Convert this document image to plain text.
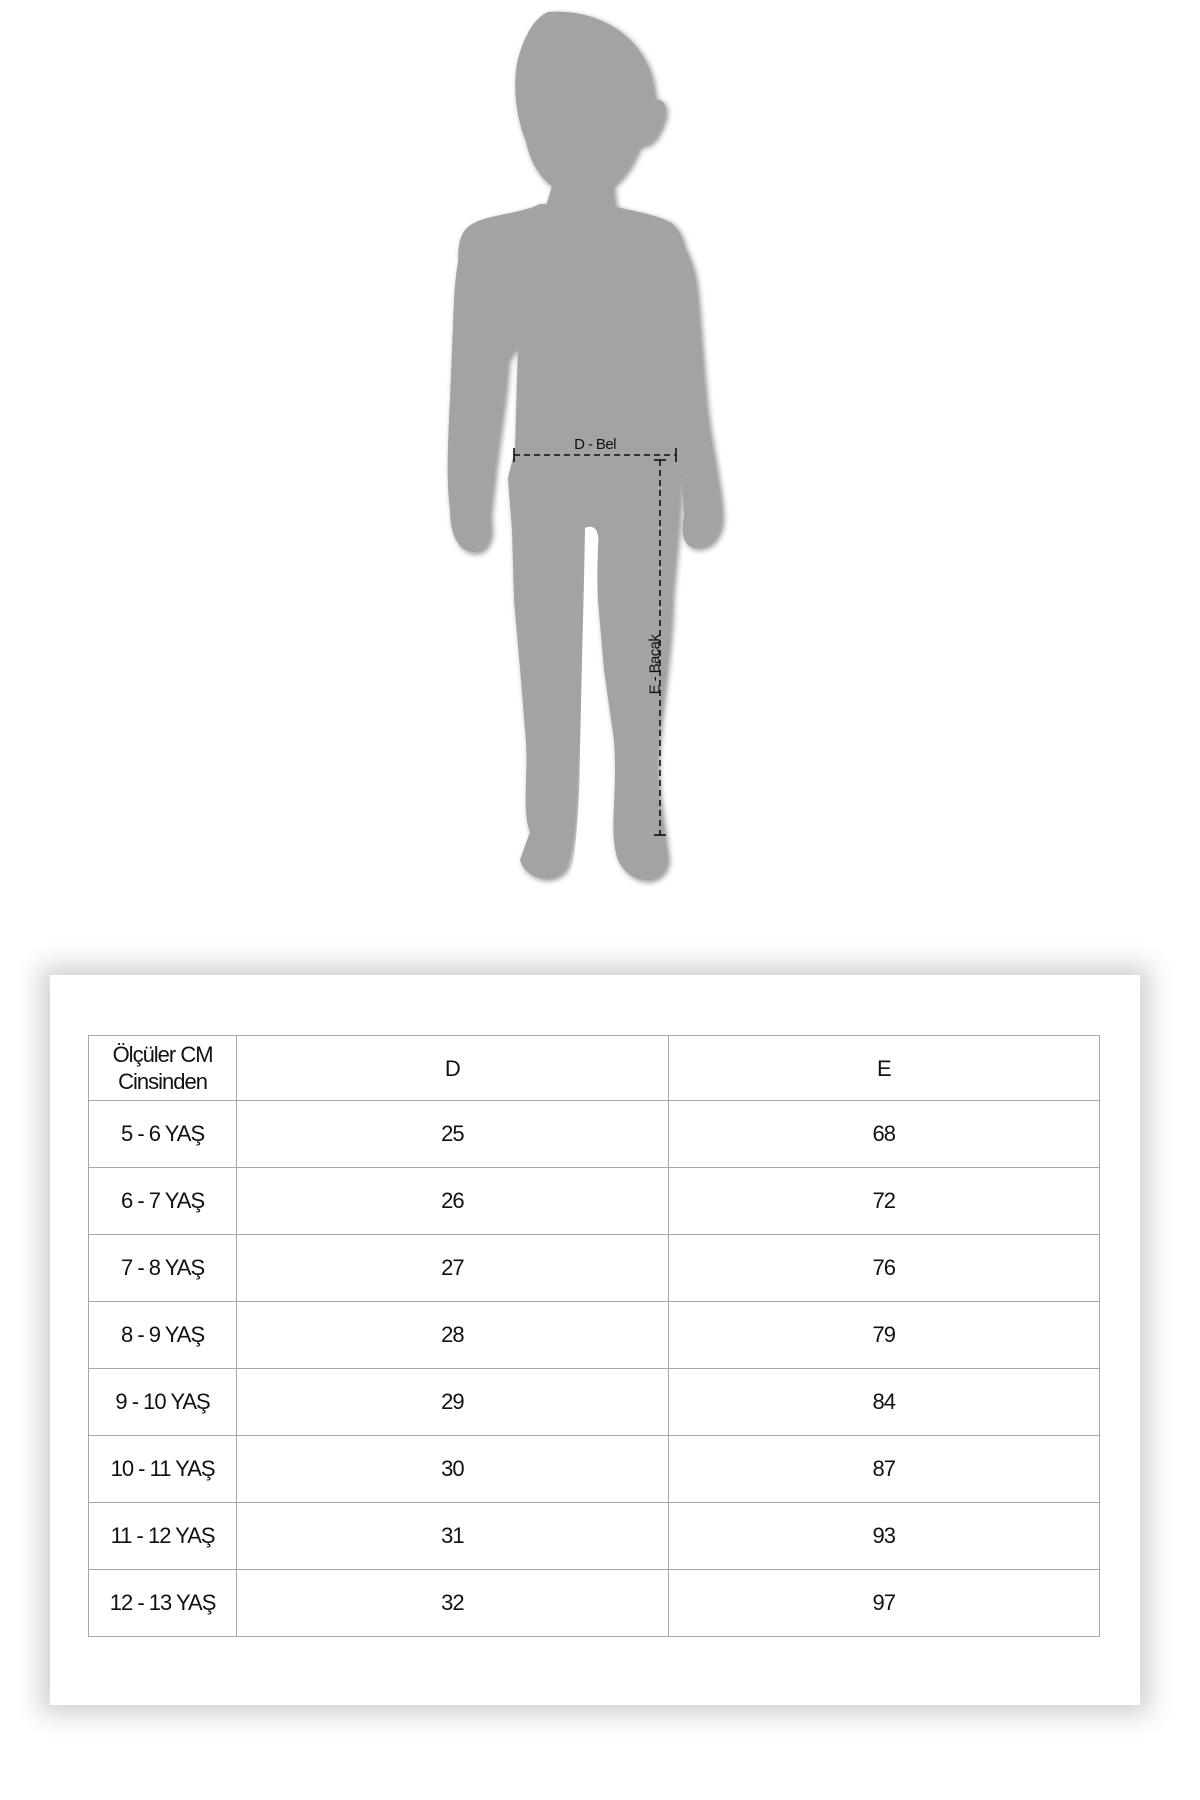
D - Bel
E - Bacak
Ölçüler CM
Cinsinden	D	E
5 - 6 YAŞ	25	68
6 - 7 YAŞ	26	72
7 - 8 YAŞ	27	76
8 - 9 YAŞ	28	79
9 - 10 YAŞ	29	84
10 - 11 YAŞ	30	87
11 - 12 YAŞ	31	93
12 - 13 YAŞ	32	97
